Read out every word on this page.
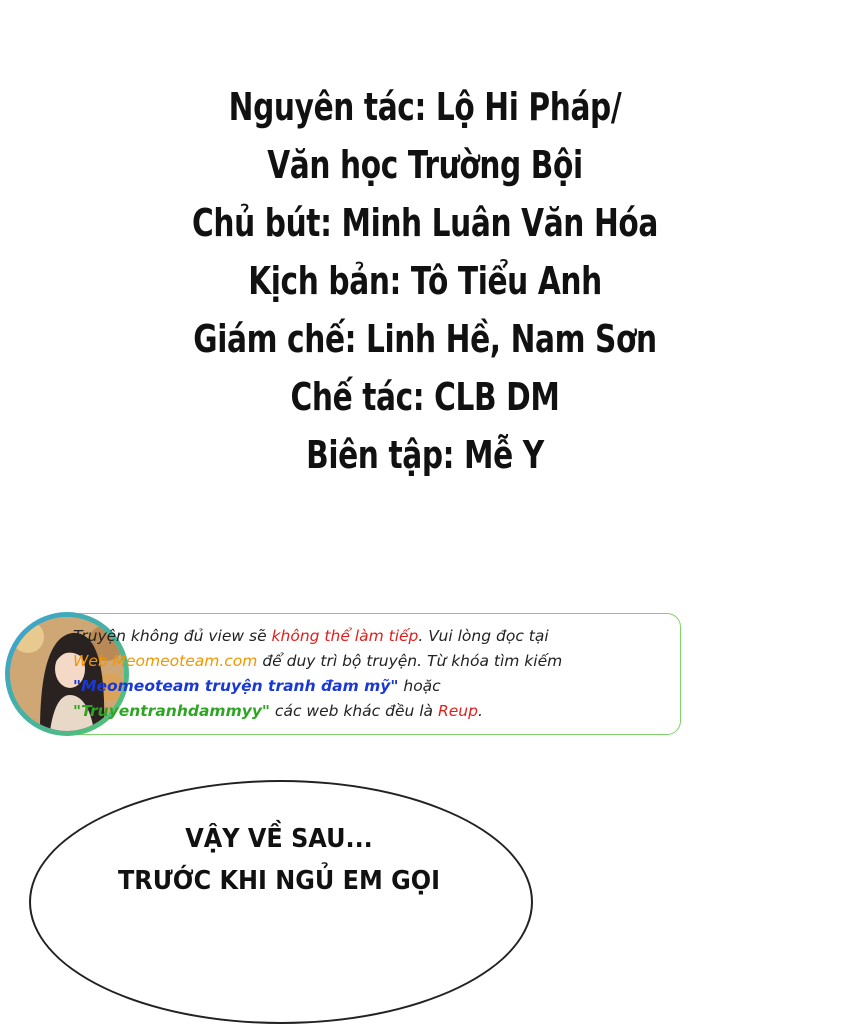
Nguyên tác: Lộ Hi Pháp/
Văn học Trường Bội
Chủ bút: Minh Luân Văn Hóa
Kịch bản: Tô Tiểu Anh
Giám chế: Linh Hề, Nam Sơn
Chế tác: CLB DM
Biên tập: Mễ Y
Truyện không đủ view sẽ không thể làm tiếp. Vui lòng đọc tại
Web Meomeoteam.com để duy trì bộ truyện. Từ khóa tìm kiếm
"Meomeoteam truyện tranh đam mỹ" hoặc
"Truyentranhdammyy" các web khác đều là Reup.
VẬY VỀ SAU...
TRƯỚC KHI NGỦ EM GỌI
